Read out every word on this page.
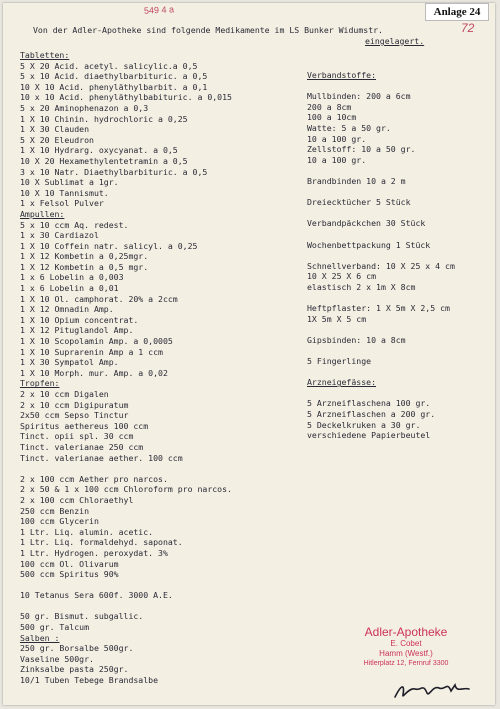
549 4 a
72
Anlage 24
Von der Adler-Apotheke sind folgende Medikamente im LS Bunker Widumstr.
eingelagert.
Tabletten:
5 X 20 Acid. acetyl. salicylic.a 0,5
5 x 10 Acid. diaethylbarbituric. a 0,5
10 X 10 Acid. phenyläthylbarbit. a 0,1
10 x 10 Acid. phenyläthylbabituric. a 0,015
5 x 20 Aminophenazon a 0,3
1 X 10 Chinin. hydrochloric a 0,25
1 X 30 Clauden
5 X 20 Eleudron
1 X 10 Hydrarg. oxycyanat. a 0,5
10 X 20 Hexamethylentetramin a 0,5
3 x 10 Natr. Diaethylbarbituric. a 0,5
10 X Sublimat a 1gr.
10 X 10 Tannismut.
1 x Felsol Pulver
Ampullen:
5 x 10 ccm Aq. redest.
1 x 30 Cardiazol
1 X 10 Coffein natr. salicyl. a 0,25
1 X 12 Kombetin a 0,25mgr.
1 X 12 Kombetin a 0,5 mgr.
1 x 6 Lobelin a 0,003
1 x 6 Lobelin a 0,01
1 X 10 Ol. camphorat. 20% a 2ccm
1 X 12 Omnadin Amp.
1 X 10 Opium concentrat.
1 X 12 Pituglandol Amp.
1 X 10 Scopolamin Amp. a 0,0005
1 X 10 Suprarenin Amp a 1 ccm
1 X 30 Sympatol Amp.
1 X 10 Morph. mur. Amp. a 0,02
Tropfen:
2 x 10 ccm Digalen
2 x 10 ccm Digipuratum
2x50 ccm Sepso Tinctur
Spiritus aethereus 100 ccm
Tinct. opii spl. 30 ccm
Tinct. valerianae 250 ccm
Tinct. valerianae aether. 100 ccm
2 x 100 ccm Aether pro narcos.
2 x 50 & 1 x 100 ccm Chloroform pro narcos.
2 x 100 ccm Chloraethyl
250 ccm Benzin
100 ccm Glycerin
1 Ltr. Liq. alumin. acetic.
1 Ltr. Liq. formaldehyd. saponat.
1 Ltr. Hydrogen. peroxydat. 3%
100 ccm Ol. Olivarum
500 ccm Spiritus 90%
10 Tetanus Sera 600f. 3000 A.E.
50 gr. Bismut. subgallic.
500 gr. Talcum
Salben :
250 gr. Borsalbe 500gr.
Vaseline 500gr.
Zinksalbe pasta 250gr.
10/1 Tuben Tebege Brandsalbe
Verbandstoffe:
Mullbinden: 200 a 6cm
200 a 8cm
100 a 10cm
Watte: 5 a 50 gr.
10 a 100 gr.
Zellstoff: 10 a 50 gr.
10 a 100 gr.
Brandbinden 10 a 2 m
Dreiecktücher 5 Stück
Verbandpäckchen 30 Stück
Wochenbettpackung 1 Stück
Schnellverband: 10 X 25 x 4 cm
10 X 25 X 6 cm
elastisch 2 x 1m X 8cm
Heftpflaster: 1 X 5m X 2,5 cm
1X 5m X 5 cm
Gipsbinden: 10 a 8cm
5 Fingerlinge
Arzneigefässe:
5 Arzneiflaschena 100 gr.
5 Arzneiflaschen a 200 gr.
5 Deckelkruken a 30 gr.
verschiedene Papierbeutel
Adler-Apotheke
E. Cobet
Hamm (Westf.)
Hitlerplatz 12, Fernruf 3300
